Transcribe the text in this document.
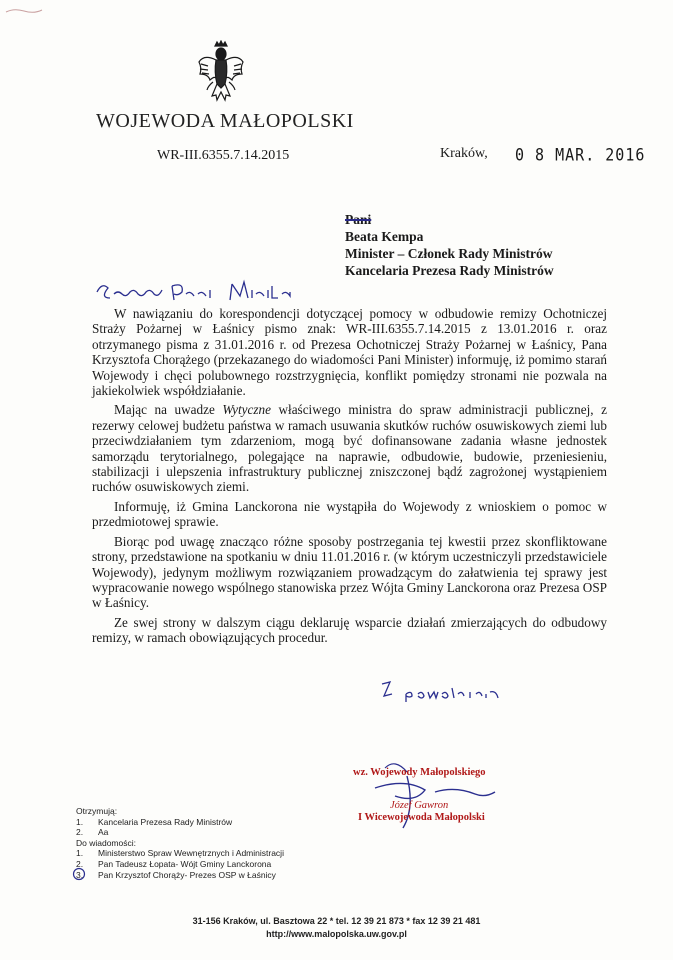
WOJEWODA MAŁOPOLSKI
WR-III.6355.7.14.2015	Kraków, 0 8 MAR. 2016
Pani
Beata Kempa
Minister – Członek Rady Ministrów
Kancelaria Prezesa Rady Ministrów

W nawiązaniu do korespondencji dotyczącej pomocy w odbudowie remizy Ochotniczej Straży Pożarnej w Łaśnicy pismo znak: WR-III.6355.7.14.2015 z 13.01.2016 r. oraz otrzymanego pisma z 31.01.2016 r. od Prezesa Ochotniczej Straży Pożarnej w Łaśnicy, Pana Krzysztofa Chorążego (przekazanego do wiadomości Pani Minister) informuję, iż pomimo starań Wojewody i chęci polubownego rozstrzygnięcia, konflikt pomiędzy stronami nie pozwala na jakiekolwiek współdziałanie.

Mając na uwadze Wytyczne właściwego ministra do spraw administracji publicznej, z rezerwy celowej budżetu państwa w ramach usuwania skutków ruchów osuwiskowych ziemi lub przeciwdziałaniem tym zdarzeniom, mogą być dofinansowane zadania własne jednostek samorządu terytorialnego, polegające na naprawie, odbudowie, budowie, przeniesieniu, stabilizacji i ulepszenia infrastruktury publicznej zniszczonej bądź zagrożonej wystąpieniem ruchów osuwiskowych ziemi.

Informuję, iż Gmina Lanckorona nie wystąpiła do Wojewody z wnioskiem o pomoc w przedmiotowej sprawie.

Biorąc pod uwagę znacząco różne sposoby postrzegania tej kwestii przez skonfliktowane strony, przedstawione na spotkaniu w dniu 11.01.2016 r. (w którym uczestniczyli przedstawiciele Wojewody), jedynym możliwym rozwiązaniem prowadzącym do załatwienia tej sprawy jest wypracowanie nowego wspólnego stanowiska przez Wójta Gminy Lanckorona oraz Prezesa OSP w Łaśnicy.

Ze swej strony w dalszym ciągu deklaruję wsparcie działań zmierzających do odbudowy remizy, w ramach obowiązujących procedur.

wz. Wojewody Małopolskiego
Józef Gawron
I Wicewojewoda Małopolski
Otrzymują:
1. Kancelaria Prezesa Rady Ministrów
2. Aa
Do wiadomości:
1. Ministerstwo Spraw Wewnętrznych i Administracji
2. Pan Tadeusz Łopata- Wójt Gminy Lanckorona
3. Pan Krzysztof Chorąży- Prezes OSP w Łaśnicy
31-156 Kraków, ul. Basztowa 22 * tel. 12 39 21 873 * fax 12 39 21 481
http://www.malopolska.uw.gov.pl
